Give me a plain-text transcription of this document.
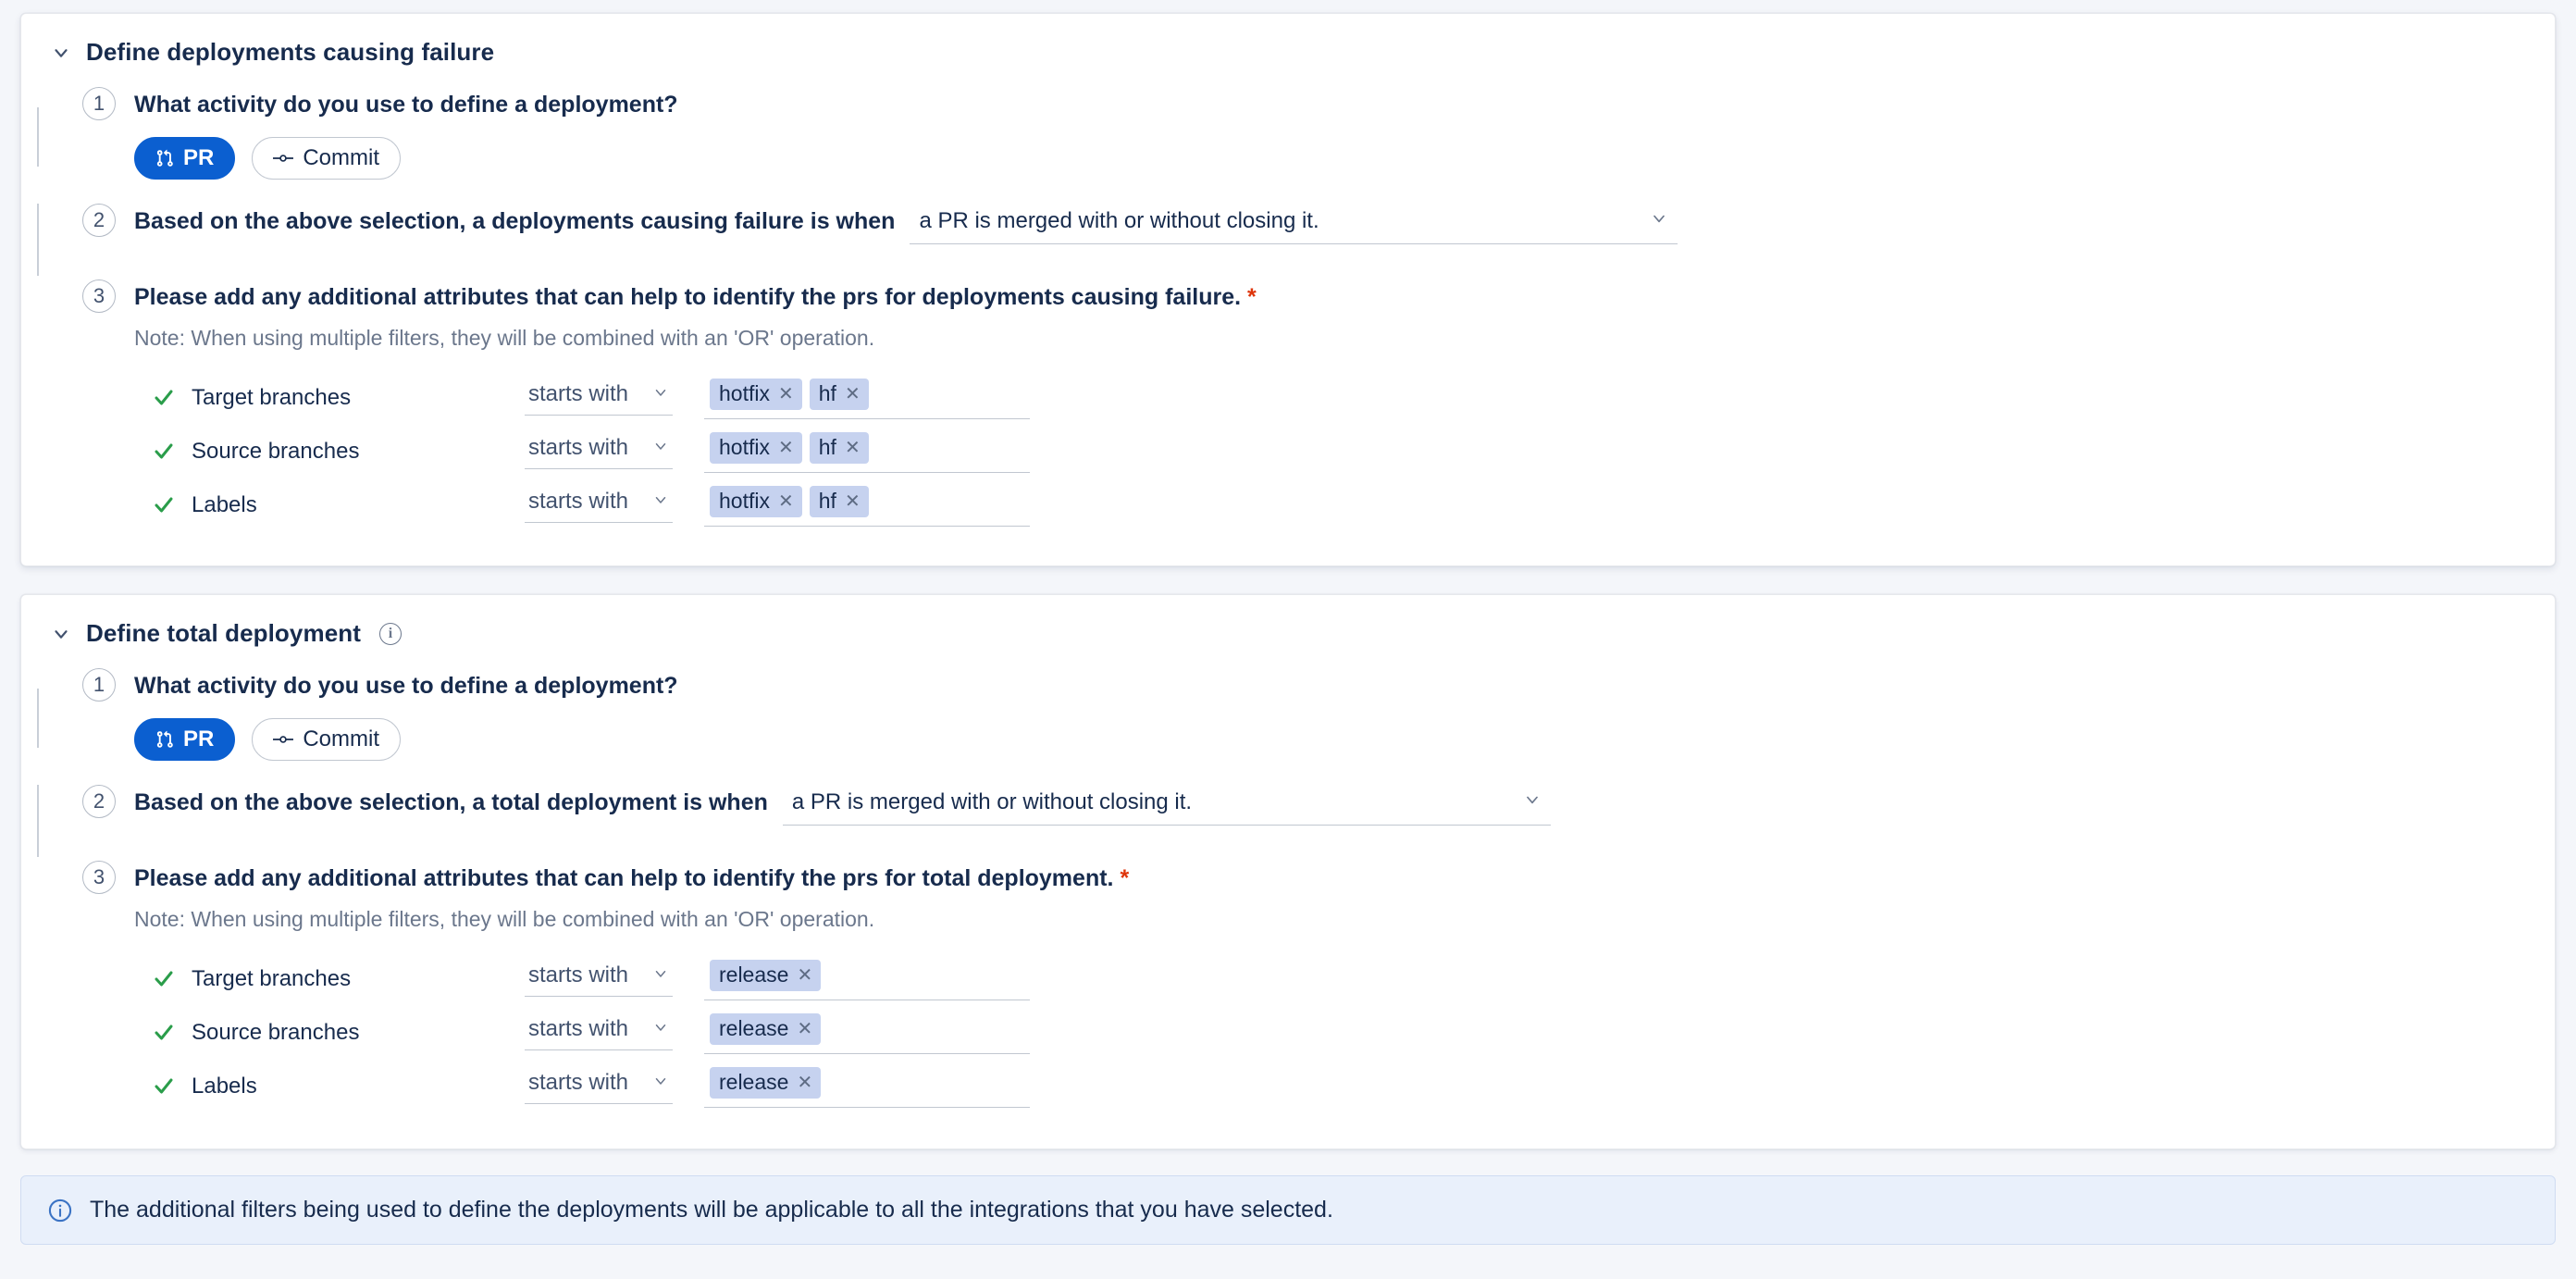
Define deployments causing failure
1	What activity do you use to define a deployment?
PR	Commit
2	Based on the above selection, a deployments causing failure is when a PR is merged with or without closing it.
3	Please add any additional attributes that can help to identify the prs for deployments causing failure. *
Note: When using multiple filters, they will be combined with an 'OR' operation.
Target branches	starts with	hotfix ✕ hf ✕
Source branches	starts with	hotfix ✕ hf ✕
Labels	starts with	hotfix ✕ hf ✕
Define total deployment	i
1	What activity do you use to define a deployment?
PR	Commit
2	Based on the above selection, a total deployment is when a PR is merged with or without closing it.
3	Please add any additional attributes that can help to identify the prs for total deployment. *
Note: When using multiple filters, they will be combined with an 'OR' operation.
Target branches	starts with	release ✕
Source branches	starts with	release ✕
Labels	starts with	release ✕
The additional filters being used to define the deployments will be applicable to all the integrations that you have selected.
